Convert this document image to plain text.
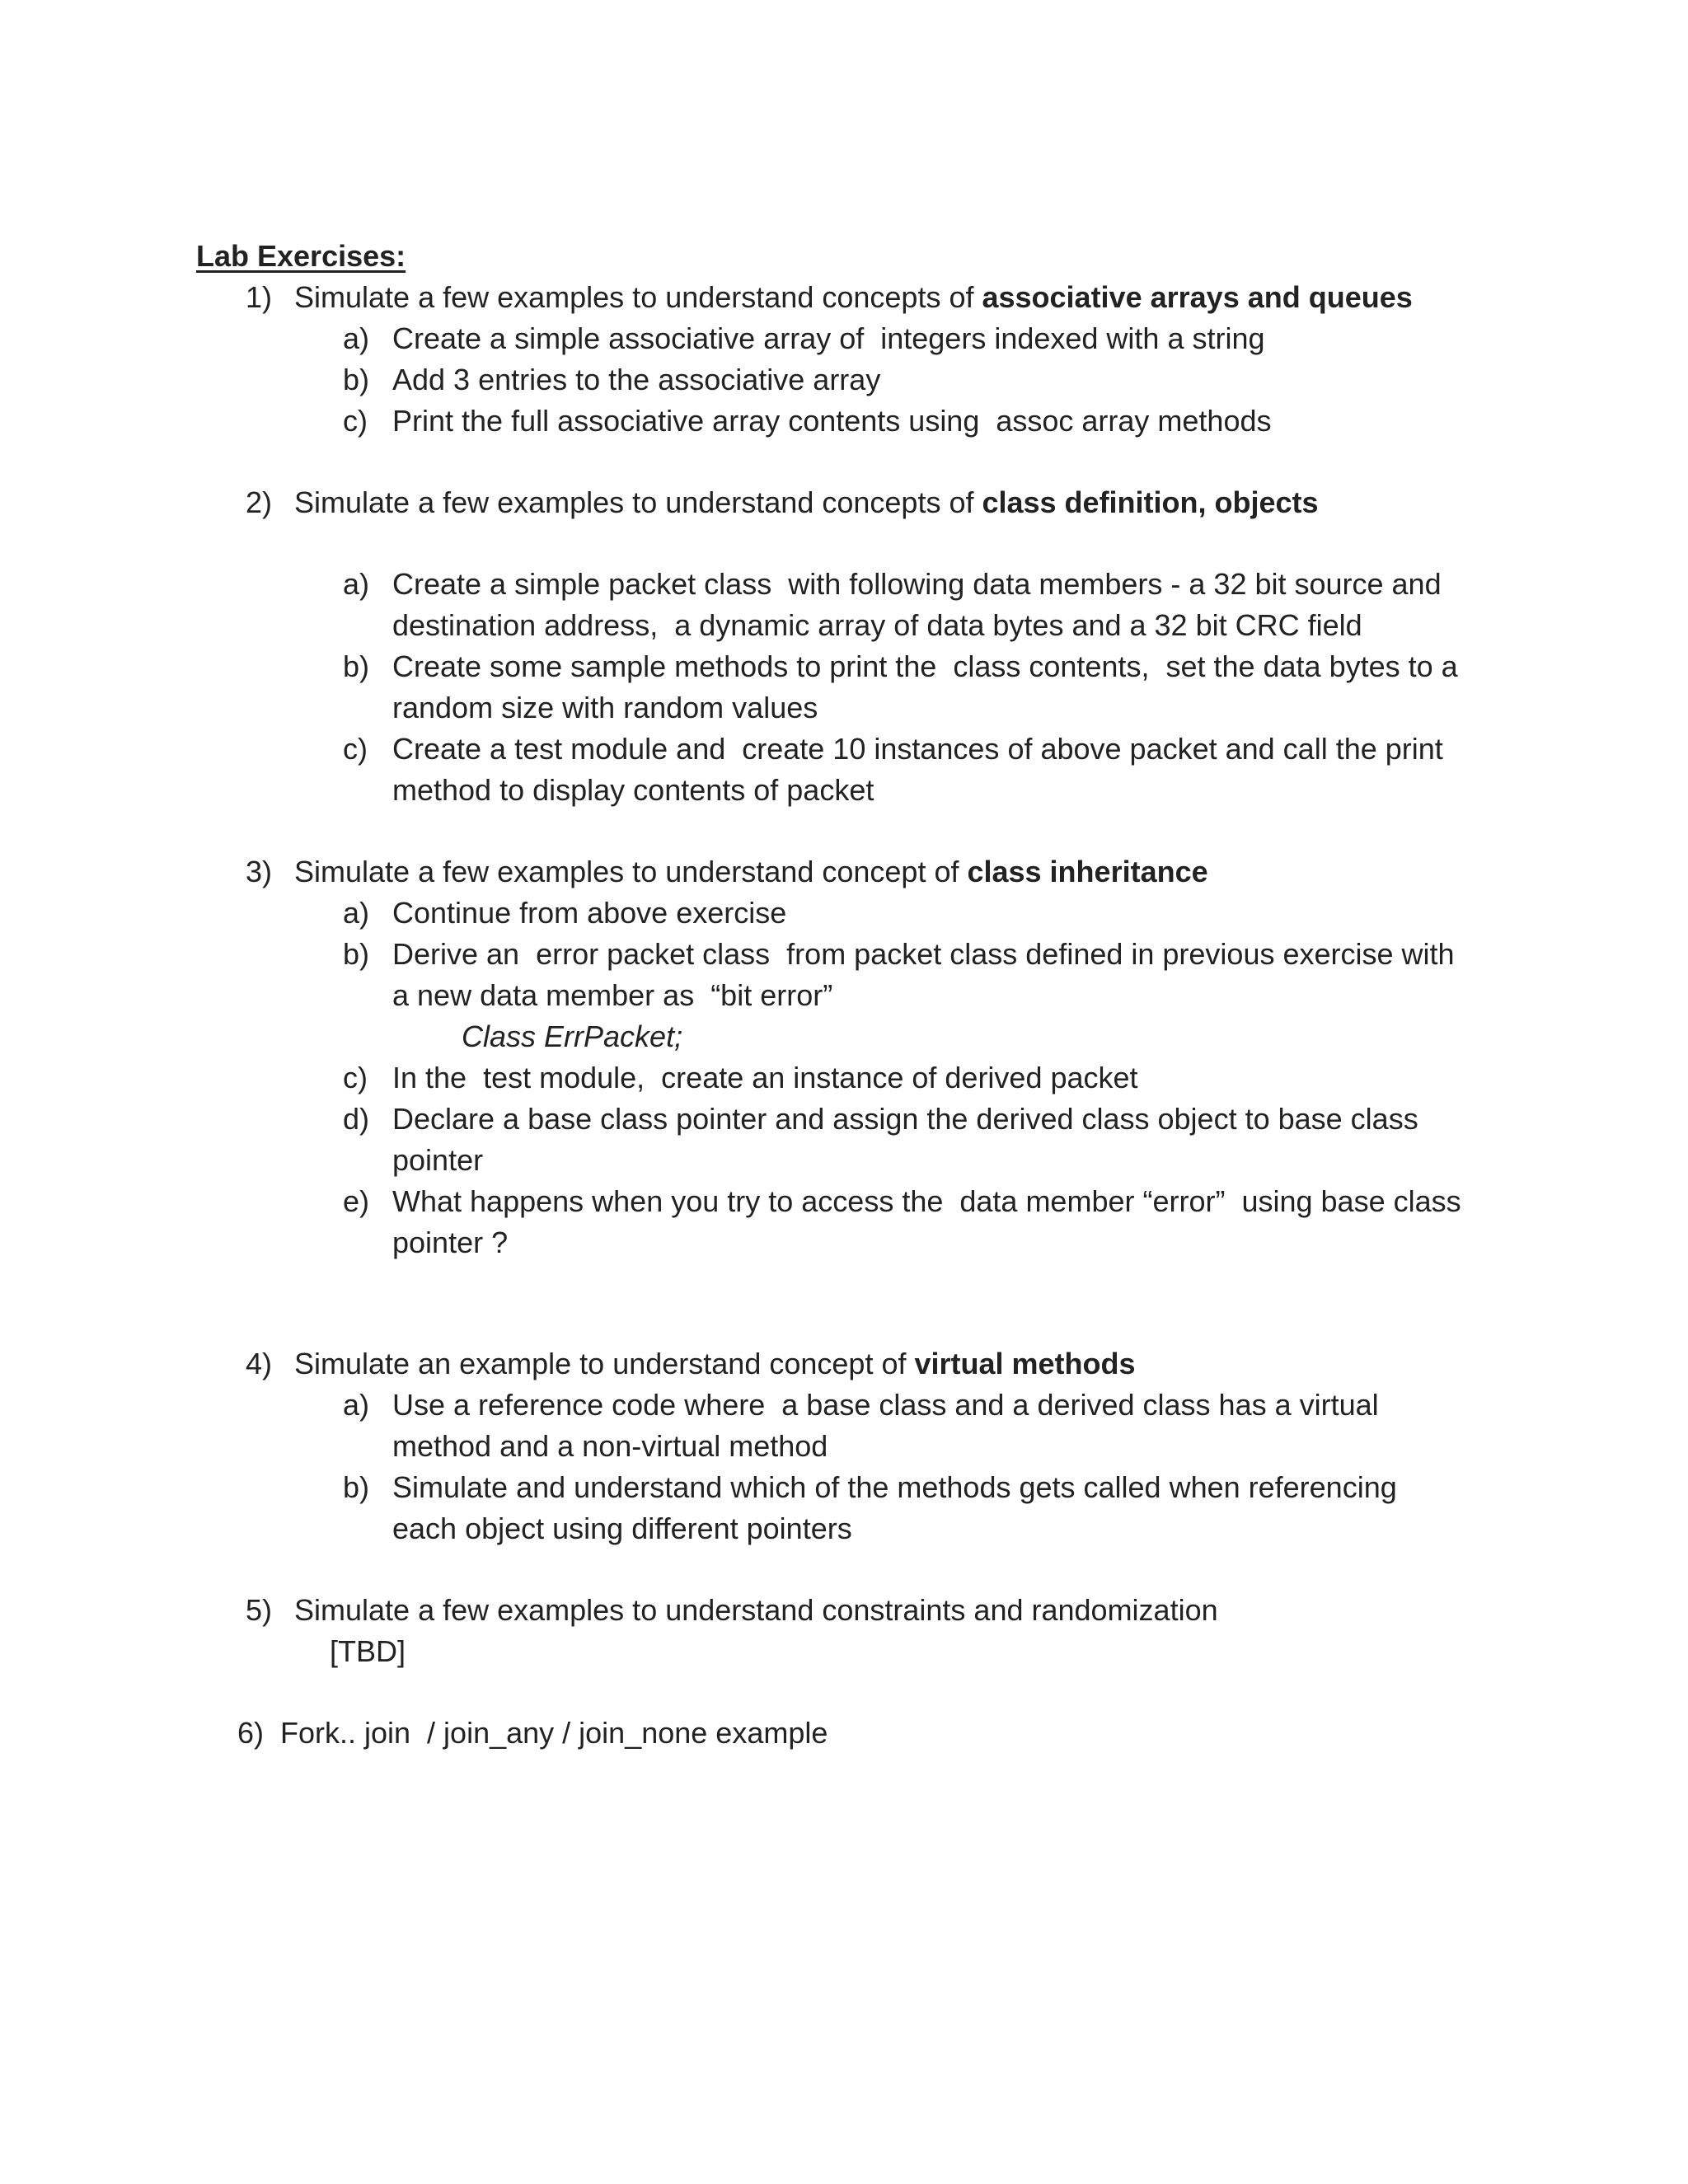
Lab Exercises:
1) Simulate a few examples to understand concepts of associative arrays and queues
a) Create a simple associative array of  integers indexed with a string
b) Add 3 entries to the associative array
c) Print the full associative array contents using  assoc array methods
2) Simulate a few examples to understand concepts of class definition, objects
a) Create a simple packet class  with following data members - a 32 bit source and
destination address,  a dynamic array of data bytes and a 32 bit CRC field
b) Create some sample methods to print the  class contents,  set the data bytes to a
random size with random values
c) Create a test module and  create 10 instances of above packet and call the print
method to display contents of packet
3) Simulate a few examples to understand concept of class inheritance
a) Continue from above exercise
b) Derive an  error packet class  from packet class defined in previous exercise with
a new data member as  “bit error”
Class ErrPacket;
c) In the  test module,  create an instance of derived packet
d) Declare a base class pointer and assign the derived class object to base class
pointer
e) What happens when you try to access the  data member “error”  using base class
pointer ?
4) Simulate an example to understand concept of virtual methods
a) Use a reference code where  a base class and a derived class has a virtual
method and a non-virtual method
b) Simulate and understand which of the methods gets called when referencing
each object using different pointers
5) Simulate a few examples to understand constraints and randomization
[TBD]
6) Fork.. join  / join_any / join_none example
